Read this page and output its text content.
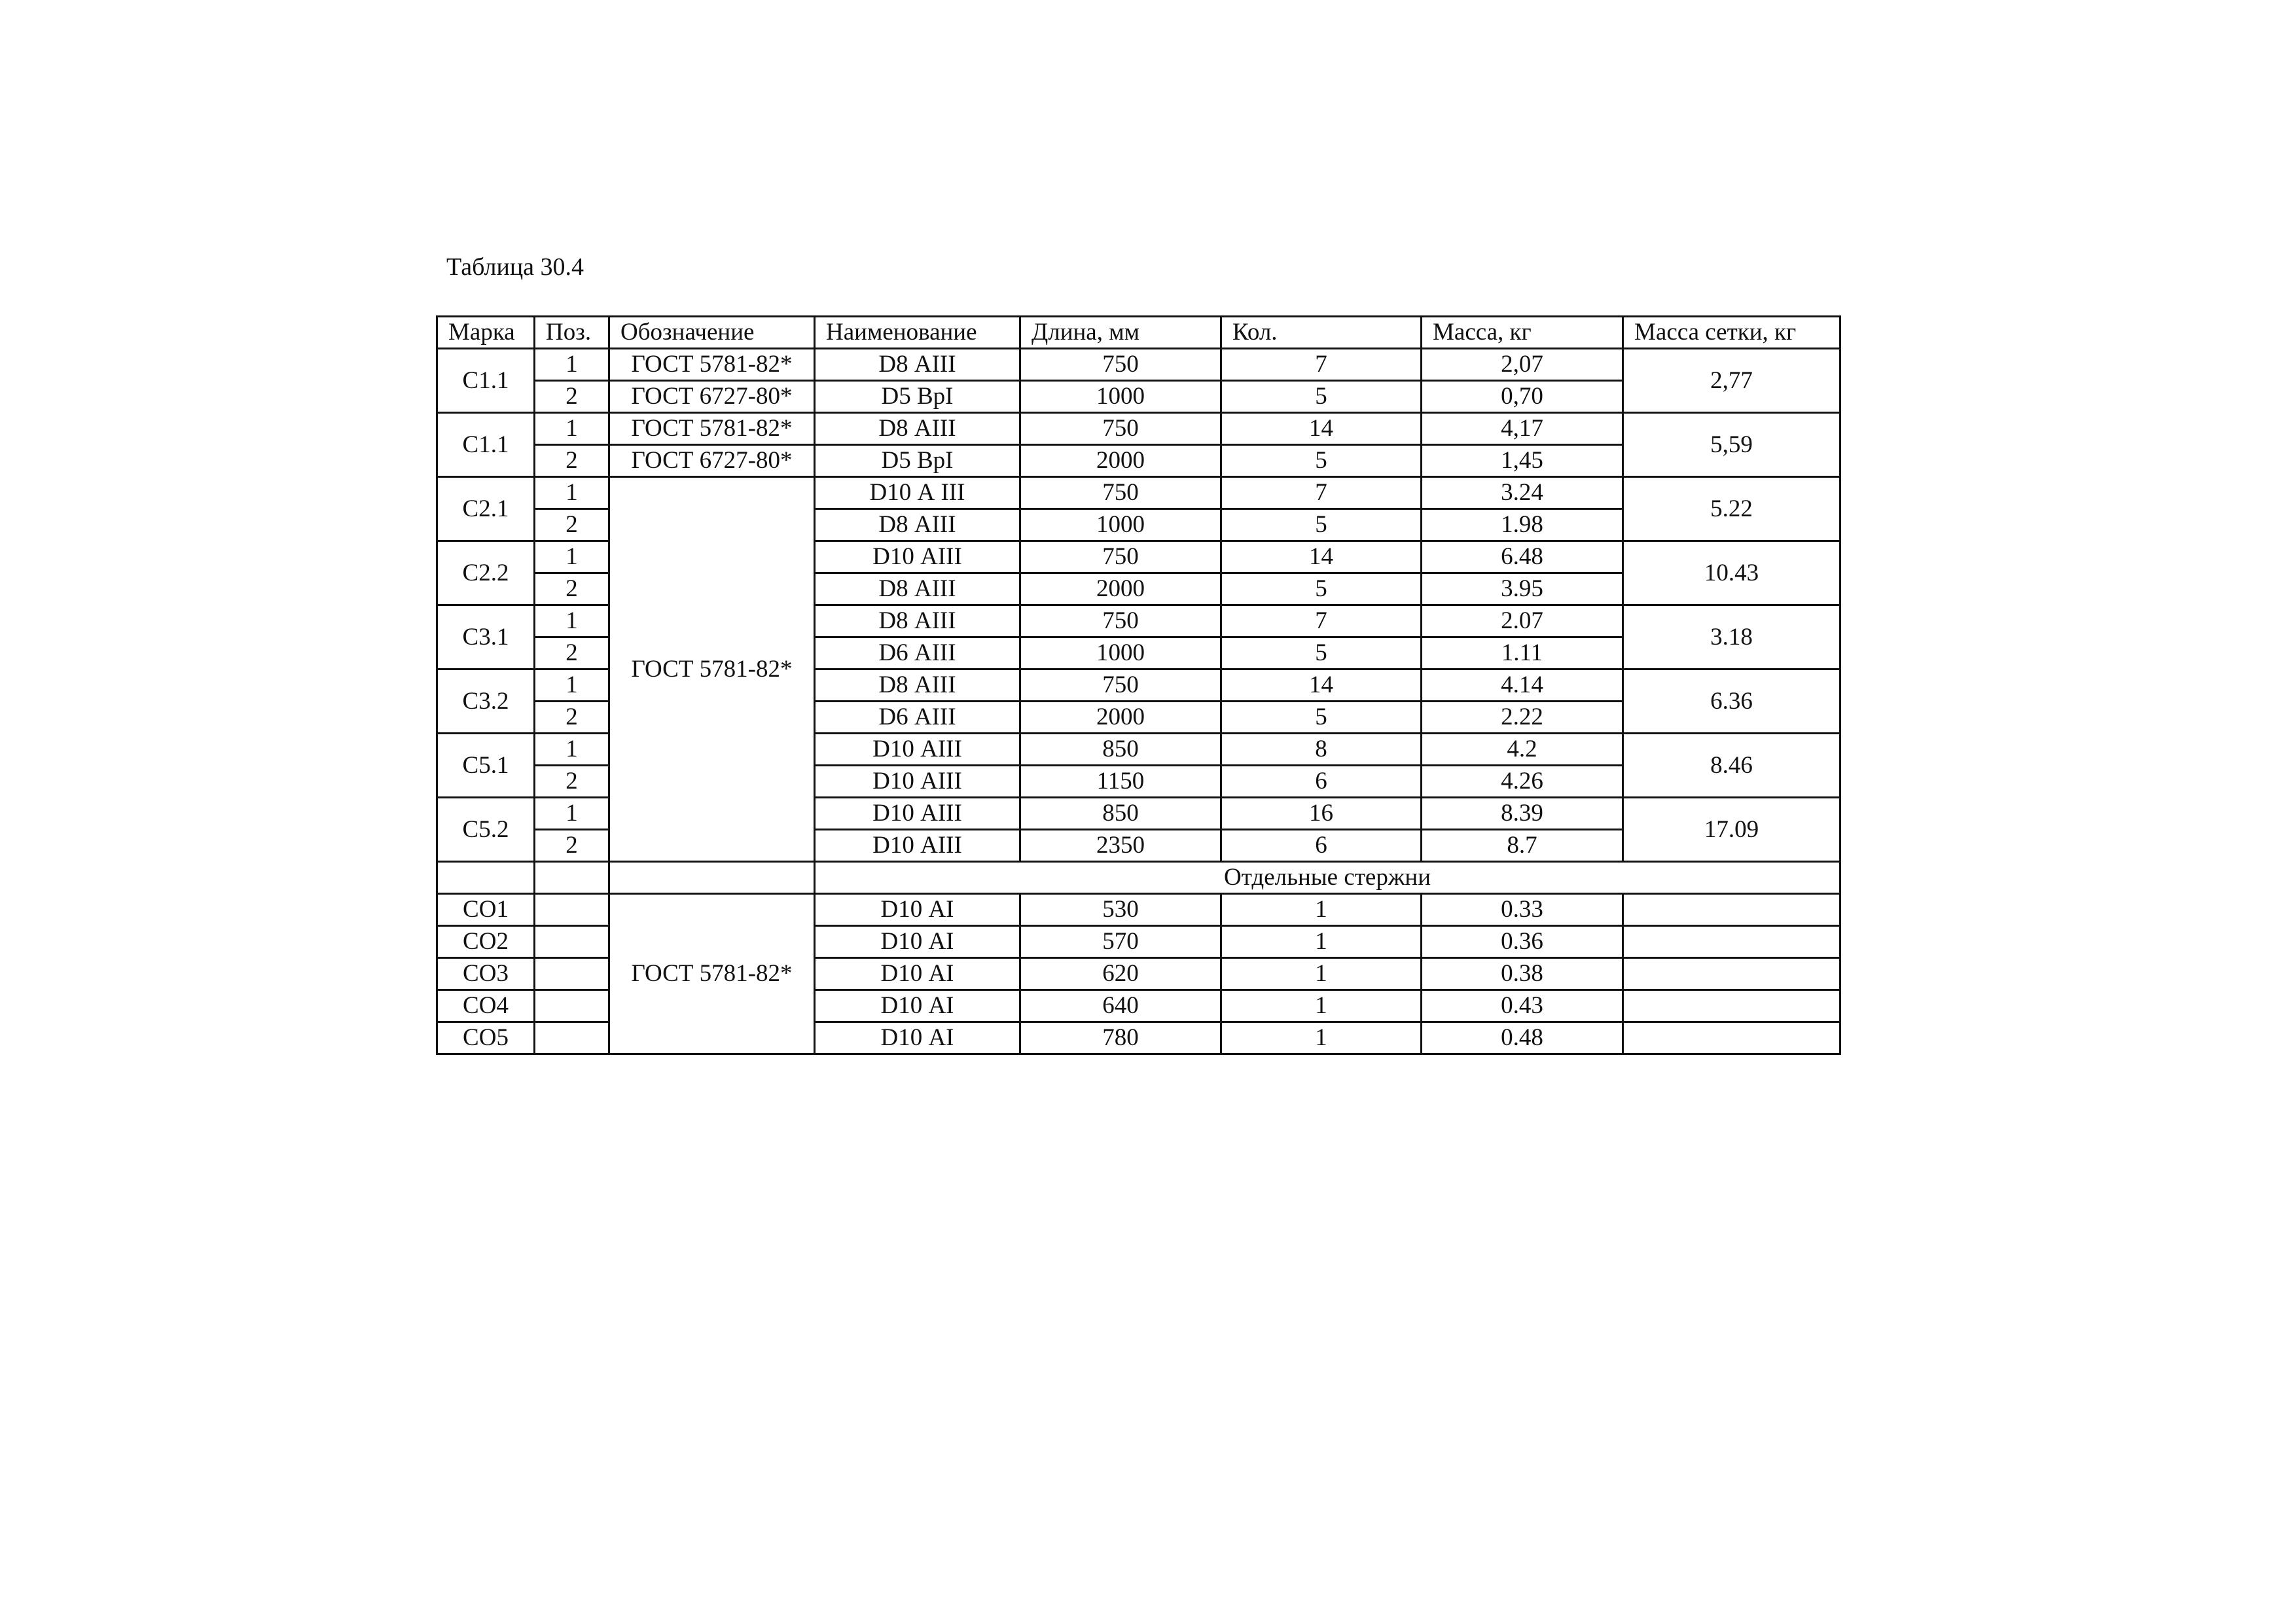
Таблица 30.4
Марка	Поз.	Обозначение	Наименование	Длина, мм	Кол.	Масса, кг	Масса сетки, кг
С1.1	1	ГОСТ 5781-82*	D8 АIII	750	7	2,07	2,77
	2	ГОСТ 6727-80*	D5 ВрI	1000	5	0,70	
С1.1	1	ГОСТ 5781-82*	D8 АIII	750	14	4,17	5,59
	2	ГОСТ 6727-80*	D5 ВрI	2000	5	1,45	
С2.1	1	ГОСТ 5781-82*	D10 А III	750	7	3.24	5.22
	2		D8 АIII	1000	5	1.98	
С2.2	1		D10 АIII	750	14	6.48	10.43
	2		D8 АIII	2000	5	3.95	
С3.1	1		D8 АIII	750	7	2.07	3.18
	2		D6 АIII	1000	5	1.11	
С3.2	1		D8 АIII	750	14	4.14	6.36
	2		D6 АIII	2000	5	2.22	
С5.1	1		D10 АIII	850	8	4.2	8.46
	2		D10 АIII	1150	6	4.26	
С5.2	1		D10 АIII	850	16	8.39	17.09
	2		D10 АIII	2350	6	8.7	
			Отдельные стержни				
СО1		ГОСТ 5781-82*	D10 АI	530	1	0.33	
СО2			D10 АI	570	1	0.36	
СО3			D10 АI	620	1	0.38	
СО4			D10 АI	640	1	0.43	
СО5			D10 АI	780	1	0.48	
